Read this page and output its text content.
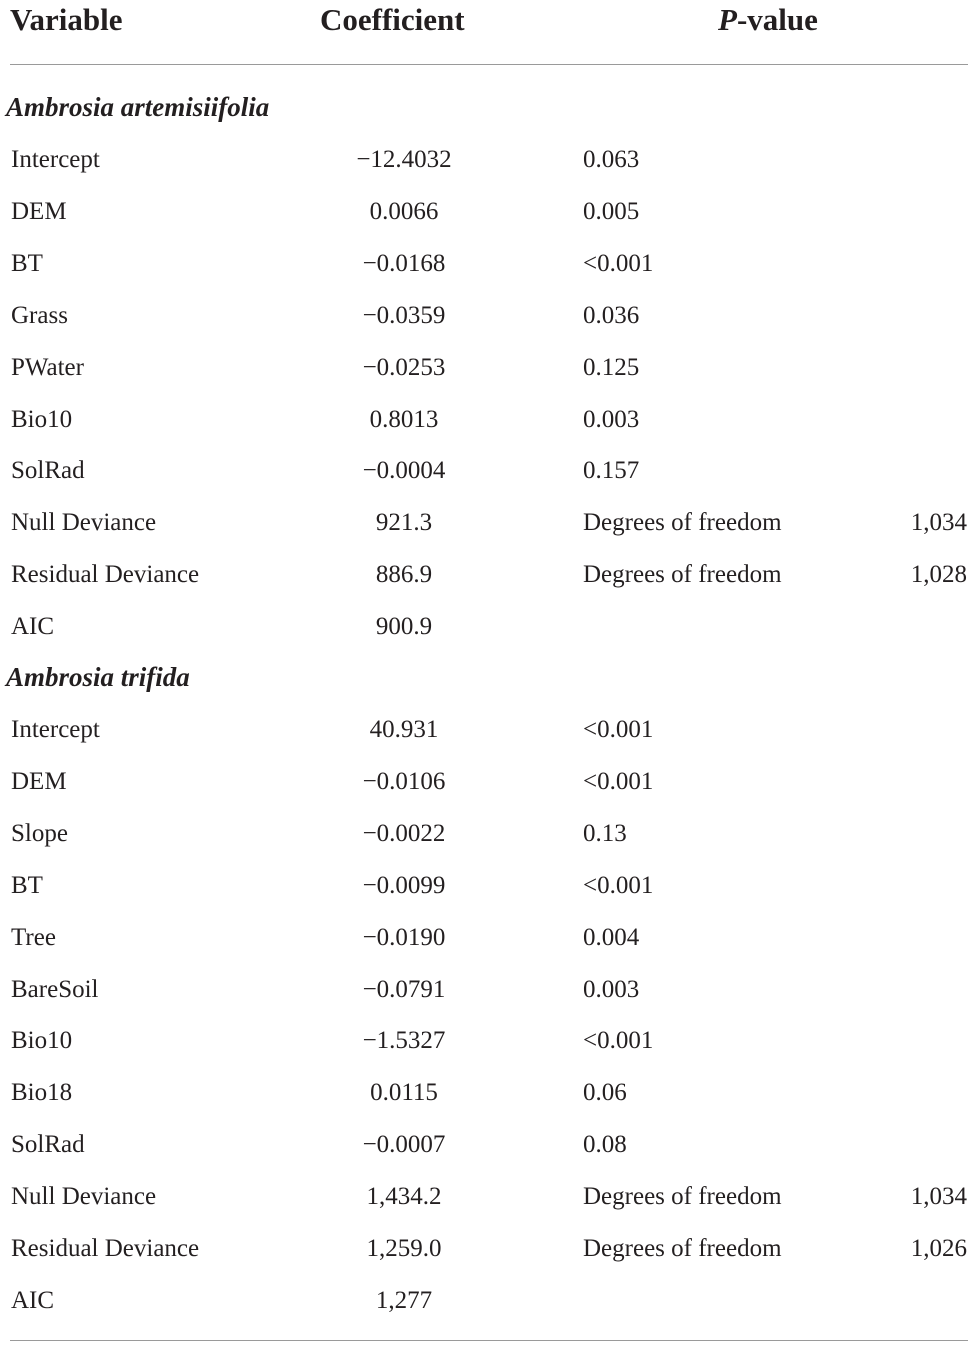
Variable	Coefficient	P-value
Ambrosia artemisiifolia
Intercept	−12.4032	0.063
DEM	0.0066	0.005
BT	−0.0168	<0.001
Grass	−0.0359	0.036
PWater	−0.0253	0.125
Bio10	0.8013	0.003
SolRad	−0.0004	0.157
Null Deviance	921.3	Degrees of freedom	1,034
Residual Deviance	886.9	Degrees of freedom	1,028
AIC	900.9
Ambrosia trifida
Intercept	40.931	<0.001
DEM	−0.0106	<0.001
Slope	−0.0022	0.13
BT	−0.0099	<0.001
Tree	−0.0190	0.004
BareSoil	−0.0791	0.003
Bio10	−1.5327	<0.001
Bio18	0.0115	0.06
SolRad	−0.0007	0.08
Null Deviance	1,434.2	Degrees of freedom	1,034
Residual Deviance	1,259.0	Degrees of freedom	1,026
AIC	1,277
